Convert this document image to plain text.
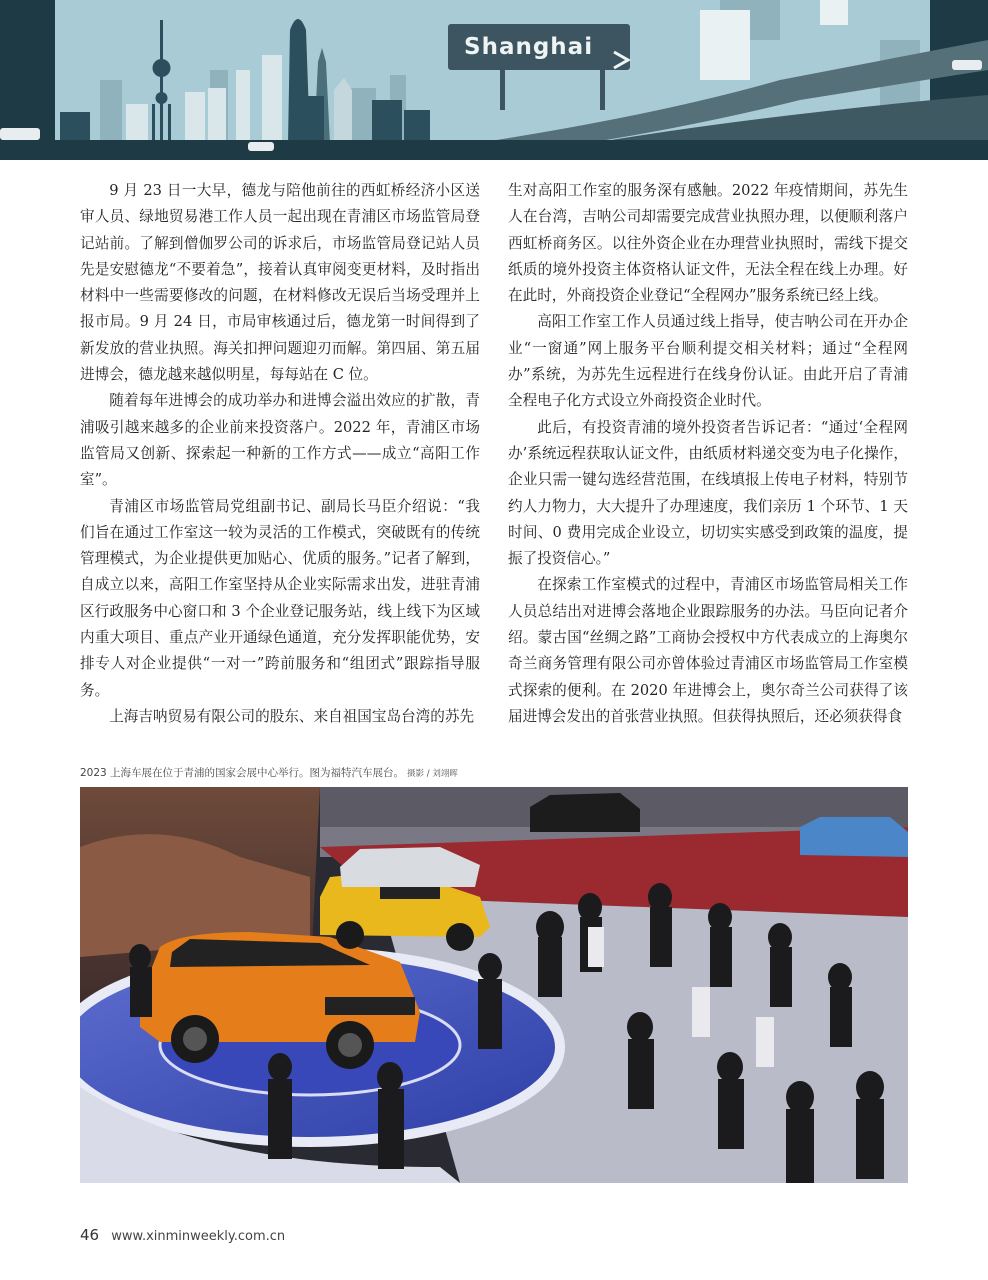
Shanghai

9 月 23 日一大早，德龙与陪他前往的西虹桥经济小区送审人员、绿地贸易港工作人员一起出现在青浦区市场监管局登记站前。了解到僧伽罗公司的诉求后，市场监管局登记站人员先是安慰德龙“不要着急”，接着认真审阅变更材料，及时指出材料中一些需要修改的问题，在材料修改无误后当场受理并上报市局。9 月 24 日，市局审核通过后，德龙第一时间得到了新发放的营业执照。海关扣押问题迎刃而解。第四届、第五届进博会，德龙越来越似明星，每每站在 C 位。

随着每年进博会的成功举办和进博会溢出效应的扩散，青浦吸引越来越多的企业前来投资落户。2022 年，青浦区市场监管局又创新、探索起一种新的工作方式——成立“高阳工作室”。

青浦区市场监管局党组副书记、副局长马臣介绍说：“我们旨在通过工作室这一较为灵活的工作模式，突破既有的传统管理模式，为企业提供更加贴心、优质的服务。”记者了解到，自成立以来，高阳工作室坚持从企业实际需求出发，进驻青浦区行政服务中心窗口和 3 个企业登记服务站，线上线下为区域内重大项目、重点产业开通绿色通道，充分发挥职能优势，安排专人对企业提供“一对一”跨前服务和“组团式”跟踪指导服务。

上海吉呐贸易有限公司的股东、来自祖国宝岛台湾的苏先

生对高阳工作室的服务深有感触。2022 年疫情期间，苏先生人在台湾，吉呐公司却需要完成营业执照办理，以便顺利落户西虹桥商务区。以往外资企业在办理营业执照时，需线下提交纸质的境外投资主体资格认证文件，无法全程在线上办理。好在此时，外商投资企业登记“全程网办”服务系统已经上线。

高阳工作室工作人员通过线上指导，使吉呐公司在开办企业“一窗通”网上服务平台顺利提交相关材料；通过“全程网办”系统，为苏先生远程进行在线身份认证。由此开启了青浦全程电子化方式设立外商投资企业时代。

此后，有投资青浦的境外投资者告诉记者：“通过‘全程网办’系统远程获取认证文件，由纸质材料递交变为电子化操作，企业只需一键勾选经营范围，在线填报上传电子材料，特别节约人力物力，大大提升了办理速度，我们亲历 1 个环节、1 天时间、0 费用完成企业设立，切切实实感受到政策的温度，提振了投资信心。”

在探索工作室模式的过程中，青浦区市场监管局相关工作人员总结出对进博会落地企业跟踪服务的办法。马臣向记者介绍。蒙古国“丝绸之路”工商协会授权中方代表成立的上海奥尔奇兰商务管理有限公司亦曾体验过青浦区市场监管局工作室模式探索的便利。在 2020 年进博会上，奥尔奇兰公司获得了该届进博会发出的首张营业执照。但获得执照后，还必须获得食

2023 上海车展在位于青浦的国家会展中心举行。图为福特汽车展台。 摄影 / 刘翊晖
46 www.xinminweekly.com.cn
